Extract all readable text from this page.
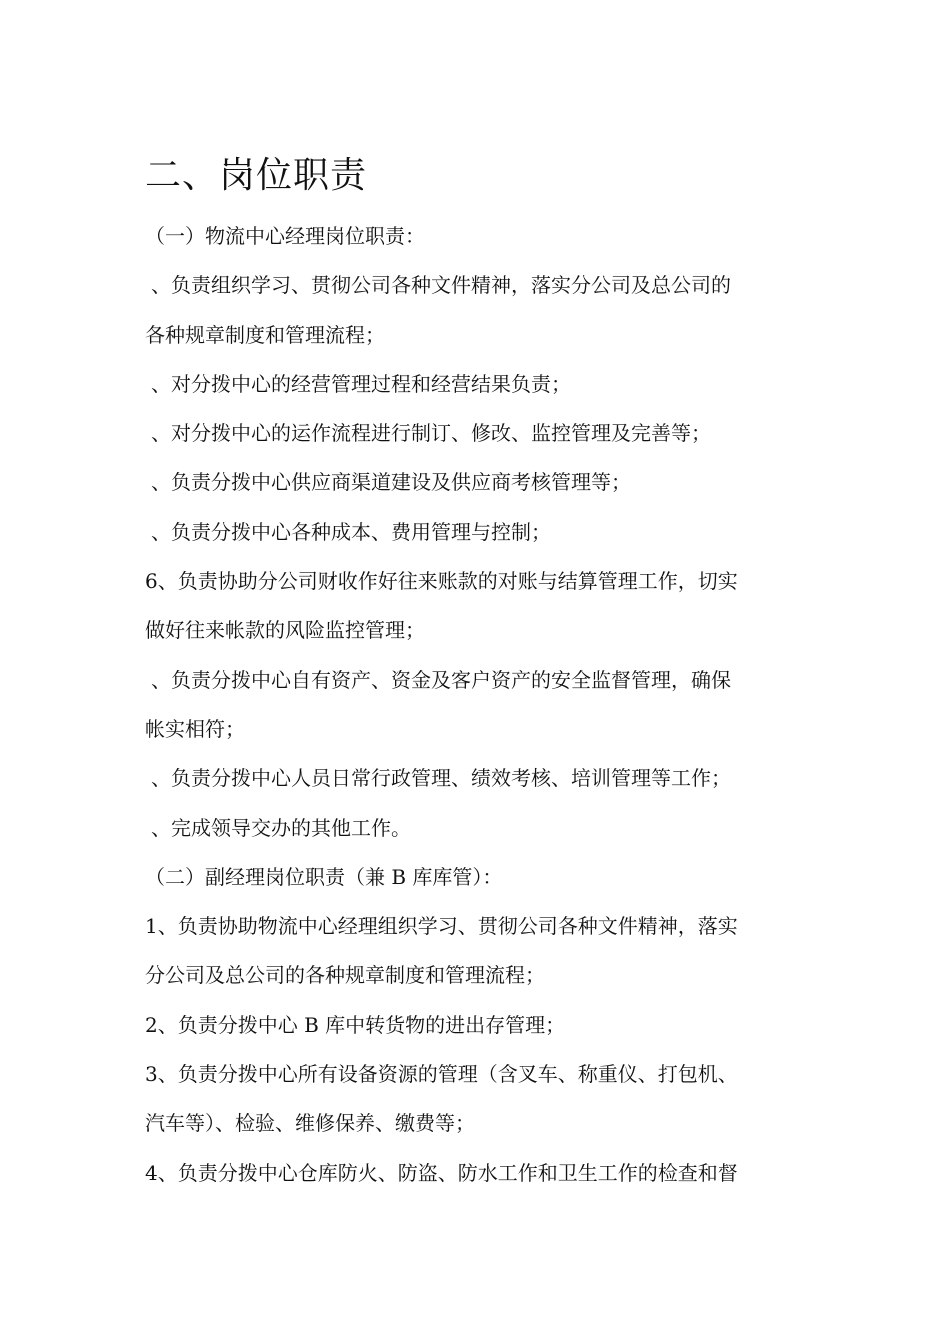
二、岗位职责
（一）物流中心经理岗位职责：
、负责组织学习、贯彻公司各种文件精神，落实分公司及总公司的
各种规章制度和管理流程；
、对分拨中心的经营管理过程和经营结果负责；
、对分拨中心的运作流程进行制订、修改、监控管理及完善等；
、负责分拨中心供应商渠道建设及供应商考核管理等；
、负责分拨中心各种成本、费用管理与控制；
6、负责协助分公司财收作好往来账款的对账与结算管理工作，切实
做好往来帐款的风险监控管理；
、负责分拨中心自有资产、资金及客户资产的安全监督管理，确保
帐实相符；
、负责分拨中心人员日常行政管理、绩效考核、培训管理等工作；
、完成领导交办的其他工作。
（二）副经理岗位职责（兼 B 库库管）：
1、负责协助物流中心经理组织学习、贯彻公司各种文件精神，落实
分公司及总公司的各种规章制度和管理流程；
2、负责分拨中心 B 库中转货物的进出存管理；
3、负责分拨中心所有设备资源的管理（含叉车、称重仪、打包机、
汽车等）、检验、维修保养、缴费等；
4、负责分拨中心仓库防火、防盗、防水工作和卫生工作的检查和督
